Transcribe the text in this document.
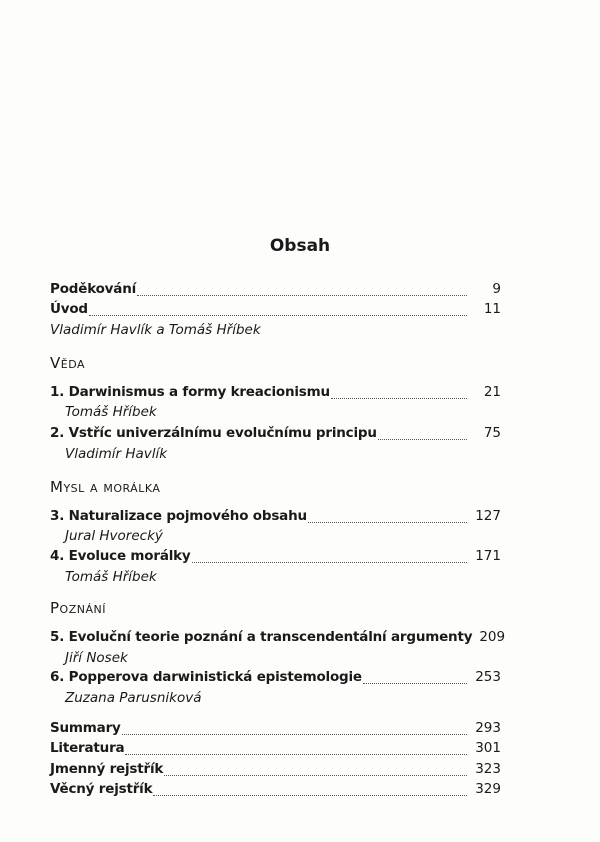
Obsah
Poděkování	9
Úvod	11
Vladimír Havlík a Tomáš Hříbek
Věda
1. Darwinismus a formy kreacionismu	21
Tomáš Hříbek
2. Vstříc univerzálnímu evolučnímu principu	75
Vladimír Havlík
Mysl a morálka
3. Naturalizace pojmového obsahu	127
Jural Hvorecký
4. Evoluce morálky	171
Tomáš Hříbek
Poznání
5. Evoluční teorie poznání a transcendentální argumenty 209
Jiří Nosek
6. Popperova darwinistická epistemologie	253
Zuzana Parusniková
Summary	293
Literatura	301
Jmenný rejstřík	323
Věcný rejstřík	329
